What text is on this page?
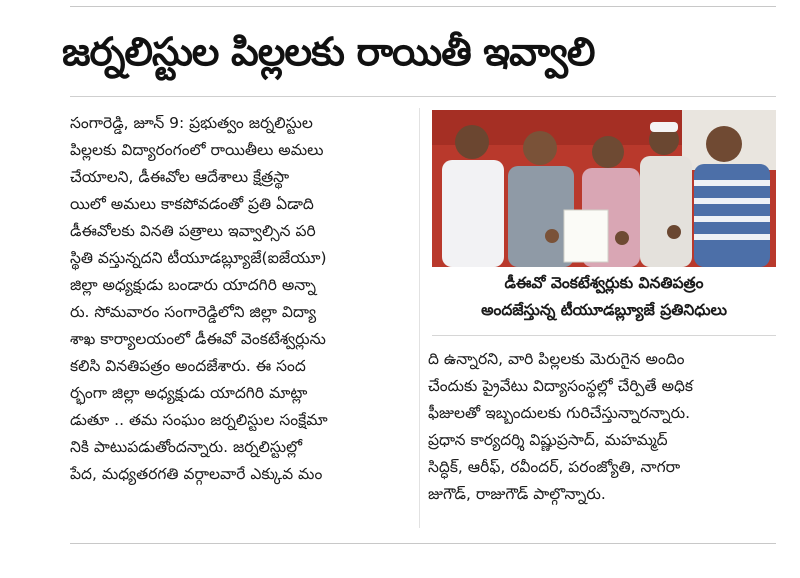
జర్నలిస్టుల పిల్లలకు రాయితీ ఇవ్వాలి
సంగారెడ్డి, జూన్ 9: ప్రభుత్వం జర్నలిస్టుల
పిల్లలకు విద్యారంగంలో రాయితీలు అమలు
చేయాలని, డీఈవోల ఆదేశాలు క్షేత్రస్థా
యిలో అమలు కాకపోవడంతో ప్రతి ఏడాది
డీఈవోలకు వినతి పత్రాలు ఇవ్వాల్సిన పరి
స్థితి వస్తున్నదని టీయూడబ్ల్యూజే(ఐజేయూ)
జిల్లా అధ్యక్షుడు బండారు యాదగిరి అన్నా
రు. సోమవారం సంగారెడ్డిలోని జిల్లా విద్యా
శాఖ కార్యాలయంలో డీఈవో వెంకటేశ్వర్లును
కలిసి వినతిపత్రం అందజేశారు. ఈ సంద
ర్భంగా జిల్లా అధ్యక్షుడు యాదగిరి మాట్లా
డుతూ .. తమ సంఘం జర్నలిస్టుల సంక్షేమా
నికి పాటుపడుతోందన్నారు. జర్నలిస్టుల్లో
పేద, మధ్యతరగతి వర్గాలవారే ఎక్కువ మం
డీఈవో వెంకటేశ్వర్లుకు వినతిపత్రం
అందజేస్తున్న టీయూడబ్ల్యూజే ప్రతినిధులు
ది ఉన్నారని, వారి పిల్లలకు మెరుగైన అందిం
చేందుకు ప్రైవేటు విద్యాసంస్థల్లో చేర్పితే అధిక
ఫీజులతో ఇబ్బందులకు గురిచేస్తున్నారన్నారు.
ప్రధాన కార్యదర్శి విష్ణుప్రసాద్, మహమ్మద్
సిద్ధిక్, ఆరీఫ్, రవీందర్, పరంజ్యోతి, నాగరా
జుగౌడ్, రాజుగౌడ్ పాల్గొన్నారు.
